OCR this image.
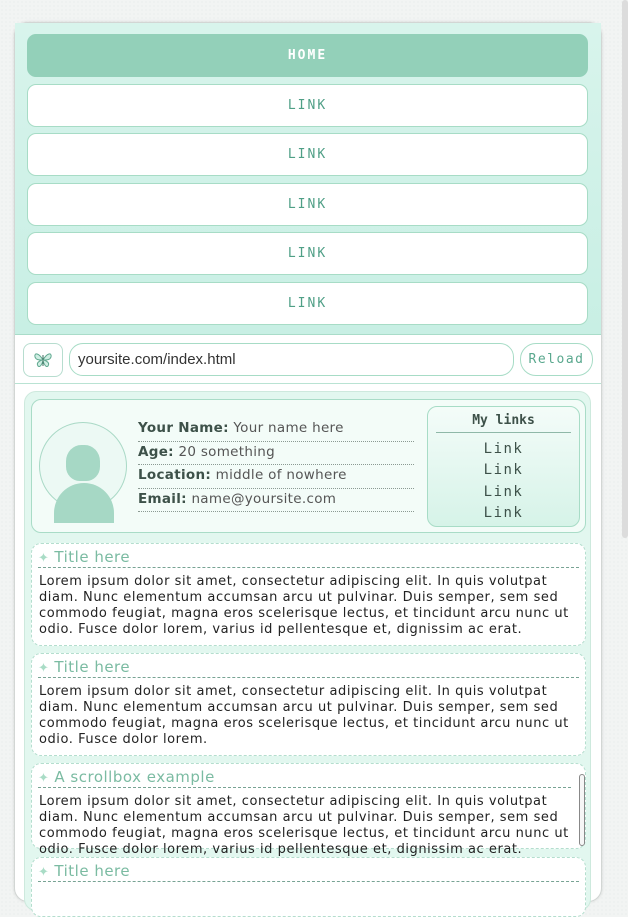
HOME
LINK
LINK
LINK
LINK
LINK
yoursite.com/index.html	Reload
Your Name: Your name here
Age: 20 something
Location: middle of nowhere
Email: name@yoursite.com
My links
Link
Link
Link
Link
✦ Title here
Lorem ipsum dolor sit amet, consectetur adipiscing elit. In quis volutpat diam. Nunc elementum accumsan arcu ut pulvinar. Duis semper, sem sed commodo feugiat, magna eros scelerisque lectus, et tincidunt arcu nunc ut odio. Fusce dolor lorem, varius id pellentesque et, dignissim ac erat.
✦ Title here
Lorem ipsum dolor sit amet, consectetur adipiscing elit. In quis volutpat diam. Nunc elementum accumsan arcu ut pulvinar. Duis semper, sem sed commodo feugiat, magna eros scelerisque lectus, et tincidunt arcu nunc ut odio. Fusce dolor lorem.
✦ A scrollbox example
Lorem ipsum dolor sit amet, consectetur adipiscing elit. In quis volutpat diam. Nunc elementum accumsan arcu ut pulvinar. Duis semper, sem sed commodo feugiat, magna eros scelerisque lectus, et tincidunt arcu nunc ut odio. Fusce dolor lorem, varius id pellentesque et, dignissim ac erat.
✦ Title here
